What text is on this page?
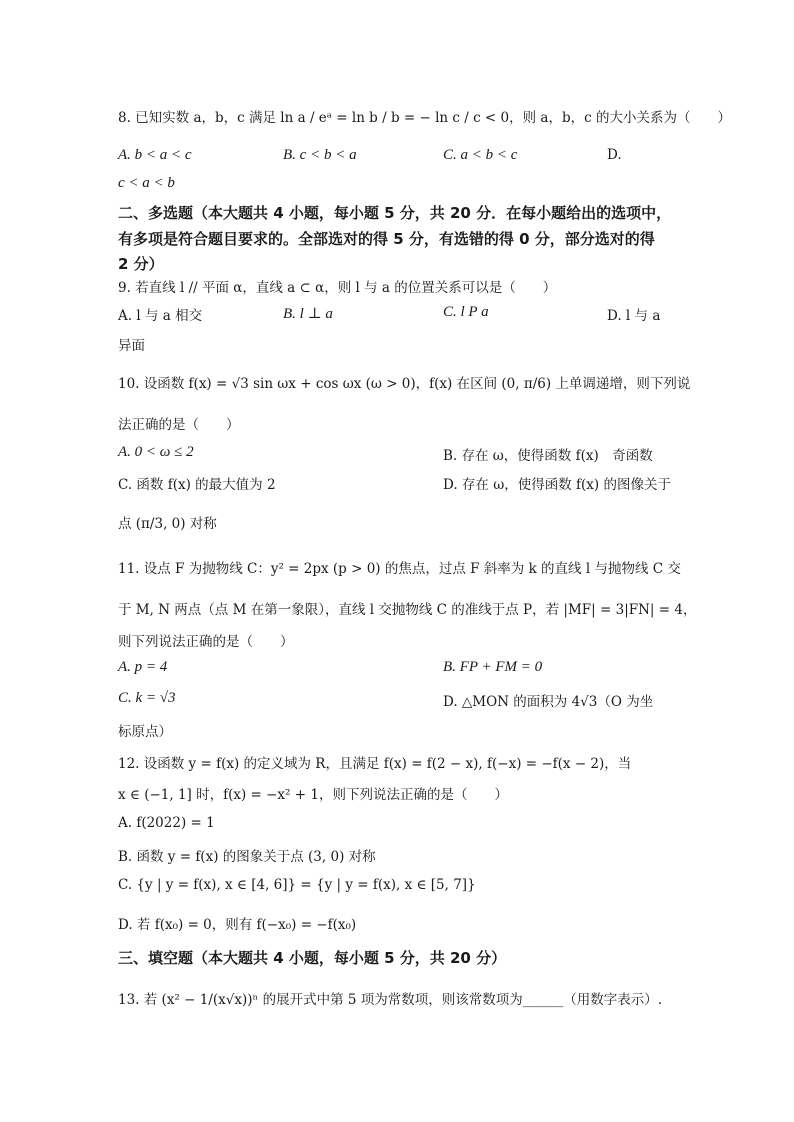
8. 已知实数 a，b，c 满足 ln a / eᵃ = ln b / b = − ln c / c < 0，则 a，b，c 的大小关系为（　　）
A. b < a < c	B. c < b < a	C. a < b < c	D.
c < a < b
二、多选题（本大题共 4 小题，每小题 5 分，共 20 分．在每小题给出的选项中，
有多项是符合题目要求的。全部选对的得 5 分，有选错的得 0 分，部分选对的得
2 分）
9. 若直线 l // 平面 α，直线 a ⊂ α，则 l 与 a 的位置关系可以是（　　）
A. l 与 a 相交	B. l ⊥ a	C. l P a	D. l 与 a
异面
10. 设函数 f(x) = √3 sin ωx + cos ωx (ω > 0)，f(x) 在区间 (0, π/6) 上单调递增，则下列说
法正确的是（　　）
A. 0 < ω ≤ 2	B. 存在 ω，使得函数 f(x)　奇函数
C. 函数 f(x) 的最大值为 2	D. 存在 ω，使得函数 f(x) 的图像关于
点 (π/3, 0) 对称
11. 设点 F 为抛物线 C：y² = 2px (p > 0) 的焦点，过点 F 斜率为 k 的直线 l 与抛物线 C 交
于 M, N 两点（点 M 在第一象限），直线 l 交抛物线 C 的准线于点 P，若 |MF| = 3|FN| = 4，
则下列说法正确的是（　　）
A. p = 4	B. FP + FM = 0
C. k = √3	D. △MON 的面积为 4√3（O 为坐
标原点）
12. 设函数 y = f(x) 的定义域为 R，且满足 f(x) = f(2 − x), f(−x) = −f(x − 2)，当
x ∈ (−1, 1] 时，f(x) = −x² + 1，则下列说法正确的是（　　）
A. f(2022) = 1
B. 函数 y = f(x) 的图象关于点 (3, 0) 对称
C. {y | y = f(x), x ∈ [4, 6]} = {y | y = f(x), x ∈ [5, 7]}
D. 若 f(x₀) = 0，则有 f(−x₀) = −f(x₀)
三、填空题（本大题共 4 小题，每小题 5 分，共 20 分）
13. 若 (x² − 1/(x√x))ⁿ 的展开式中第 5 项为常数项，则该常数项为______（用数字表示）.
